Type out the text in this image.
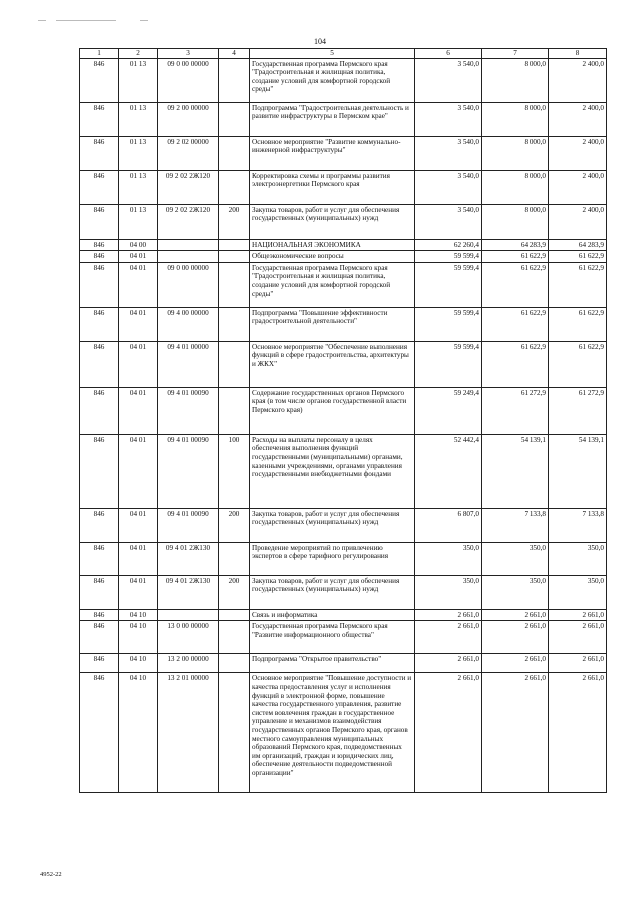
104
1	2	3	4	5	6	7	8
846	01 13	09 0 00 00000		Государственная программа Пермского края "Градостроительная и жилищная политика, создание условий для комфортной городской среды"	3 540,0	8 000,0	2 400,0
846	01 13	09 2 00 00000		Подпрограмма "Градостроительная деятельность и развитие инфраструктуры в Пермском крае"	3 540,0	8 000,0	2 400,0
846	01 13	09 2 02 00000		Основное мероприятие "Развитие коммунально-инженерной инфраструктуры"	3 540,0	8 000,0	2 400,0
846	01 13	09 2 02 2Ж120		Корректировка схемы и программы развития электроэнергетики Пермского края	3 540,0	8 000,0	2 400,0
846	01 13	09 2 02 2Ж120	200	Закупка товаров, работ и услуг для обеспечения государственных (муниципальных) нужд	3 540,0	8 000,0	2 400,0
846	04 00			НАЦИОНАЛЬНАЯ ЭКОНОМИКА	62 260,4	64 283,9	64 283,9
846	04 01			Общеэкономические вопросы	59 599,4	61 622,9	61 622,9
846	04 01	09 0 00 00000		Государственная программа Пермского края "Градостроительная и жилищная политика, создание условий для комфортной городской среды"	59 599,4	61 622,9	61 622,9
846	04 01	09 4 00 00000		Подпрограмма "Повышение эффективности градостроительной деятельности"	59 599,4	61 622,9	61 622,9
846	04 01	09 4 01 00000		Основное мероприятие "Обеспечение выполнения функций в сфере градостроительства, архитектуры и ЖКХ"	59 599,4	61 622,9	61 622,9
846	04 01	09 4 01 00090		Содержание государственных органов Пермского края (в том числе органов государственной власти Пермского края)	59 249,4	61 272,9	61 272,9
846	04 01	09 4 01 00090	100	Расходы на выплаты персоналу в целях обеспечения выполнения функций государственными (муниципальными) органами, казенными учреждениями, органами управления государственными внебюджетными фондами	52 442,4	54 139,1	54 139,1
846	04 01	09 4 01 00090	200	Закупка товаров, работ и услуг для обеспечения государственных (муниципальных) нужд	6 807,0	7 133,8	7 133,8
846	04 01	09 4 01 2Ж130		Проведение мероприятий по привлечению экспертов в сфере тарифного регулирования	350,0	350,0	350,0
846	04 01	09 4 01 2Ж130	200	Закупка товаров, работ и услуг для обеспечения государственных (муниципальных) нужд	350,0	350,0	350,0
846	04 10			Связь и информатика	2 661,0	2 661,0	2 661,0
846	04 10	13 0 00 00000		Государственная программа Пермского края "Развитие информационного общества"	2 661,0	2 661,0	2 661,0
846	04 10	13 2 00 00000		Подпрограмма "Открытое правительство"	2 661,0	2 661,0	2 661,0
846	04 10	13 2 01 00000		Основное мероприятие "Повышение доступности и качества предоставления услуг и исполнения функций в электронной форме, повышение качества государственного управления, развитие систем вовлечения граждан в государственное управление и механизмов взаимодействия государственных органов Пермского края, органов местного самоуправления муниципальных образований Пермского края, подведомственных им организаций, граждан и юридических лиц, обеспечение деятельности подведомственной организации"	2 661,0	2 661,0	2 661,0
4952-22
